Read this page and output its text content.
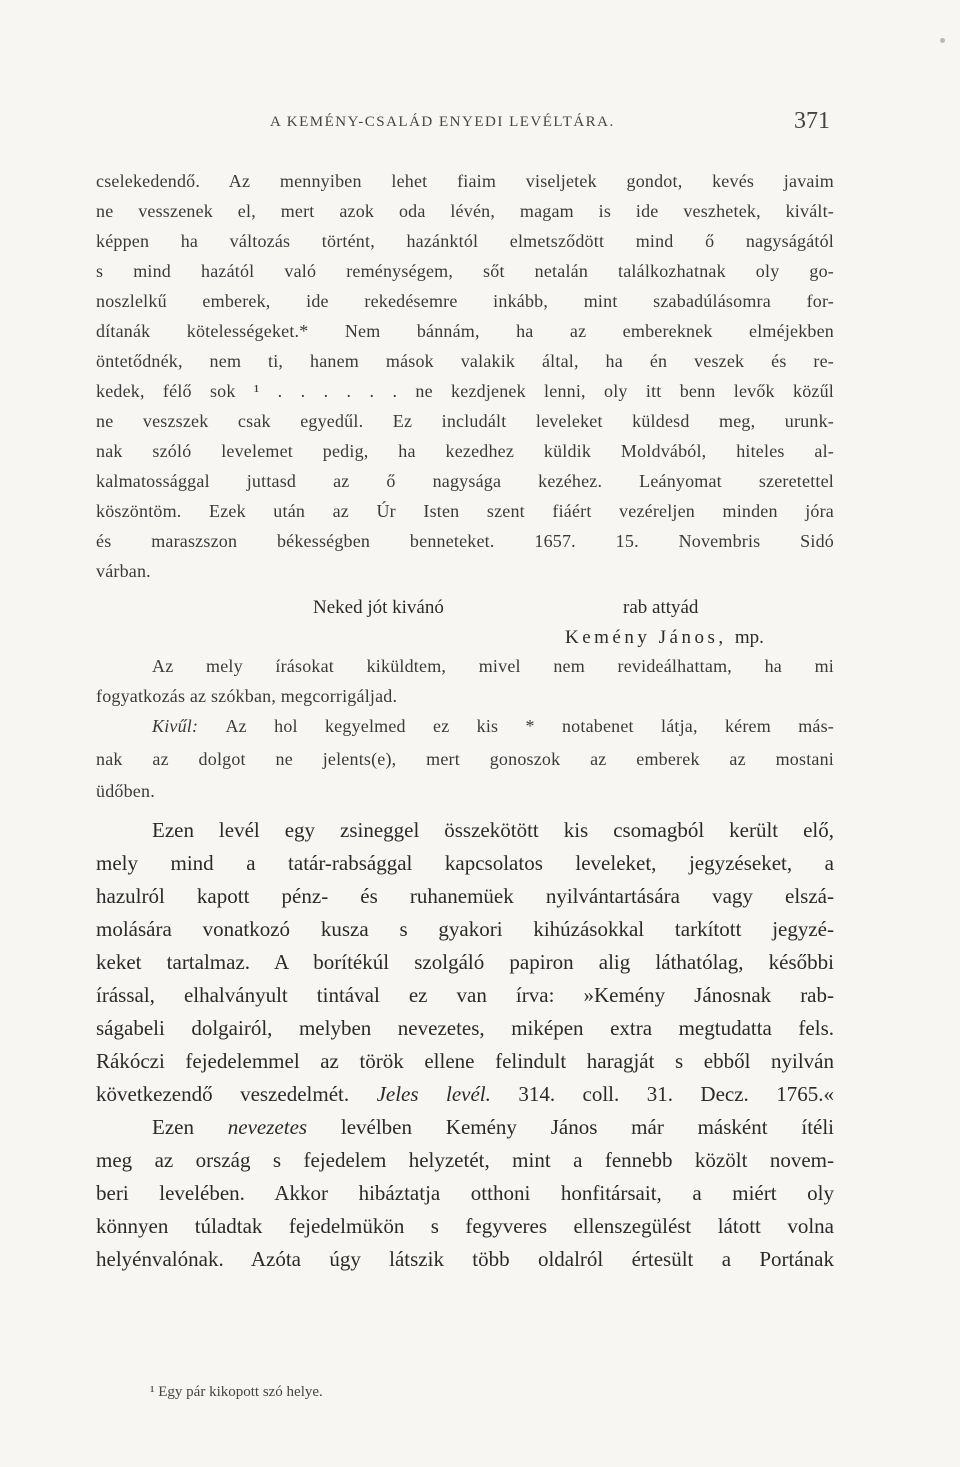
A KEMÉNY-CSALÁD ENYEDI LEVÉLTÁRA.	371
cselekedendő. Az mennyiben lehet fiaim viseljetek gondot, kevés javaim
ne vesszenek el, mert azok oda lévén, magam is ide veszhetek, kivált-
képpen ha változás történt, hazánktól elmetsződött mind ő nagyságától
s mind hazától való reménységem, sőt netalán találkozhatnak oly go-
noszlelkű emberek, ide rekedésemre inkább, mint szabadúlásomra for-
dítanák kötelességeket.* Nem bánnám, ha az embereknek elméjekben
öntetődnék, nem ti, hanem mások valakik által, ha én veszek és re-
kedek, félő sok ¹ . . . . . . ne kezdjenek lenni, oly itt benn levők közűl
ne veszszek csak egyedűl. Ez includált leveleket küldesd meg, urunk-
nak szóló levelemet pedig, ha kezedhez küldik Moldvából, hiteles al-
kalmatossággal juttasd az ő nagysága kezéhez. Leányomat szeretettel
köszöntöm. Ezek után az Úr Isten szent fiáért vezéreljen minden jóra
és maraszszon békességben benneteket. 1657. 15. Novembris Sidó
várban.
Neked jót kivánó	rab attyád
Kemény János, mp.
Az mely írásokat kiküldtem, mivel nem revideálhattam, ha mi
fogyatkozás az szókban, megcorrigáljad.
Kivűl: Az hol kegyelmed ez kis * notabenet látja, kérem más-
nak az dolgot ne jelents(e), mert gonoszok az emberek az mostani
üdőben.
Ezen levél egy zsineggel összekötött kis csomagból került elő,
mely mind a tatár-rabsággal kapcsolatos leveleket, jegyzéseket, a
hazulról kapott pénz- és ruhanemüek nyilvántartására vagy elszá-
molására vonatkozó kusza s gyakori kihúzásokkal tarkított jegyzé-
keket tartalmaz. A borítékúl szolgáló papiron alig láthatólag, későbbi
írással, elhalványult tintával ez van írva: »Kemény Jánosnak rab-
ságabeli dolgairól, melyben nevezetes, miképen extra megtudatta fels.
Rákóczi fejedelemmel az török ellene felindult haragját s ebből nyilván
következendő veszedelmét. Jeles levél. 314. coll. 31. Decz. 1765.«
Ezen nevezetes levélben Kemény János már másként ítéli
meg az ország s fejedelem helyzetét, mint a fennebb közölt novem-
beri levelében. Akkor hibáztatja otthoni honfitársait, a miért oly
könnyen túladtak fejedelmükön s fegyveres ellenszegülést látott volna
helyénvalónak. Azóta úgy látszik több oldalról értesült a Portának
¹ Egy pár kikopott szó helye.
